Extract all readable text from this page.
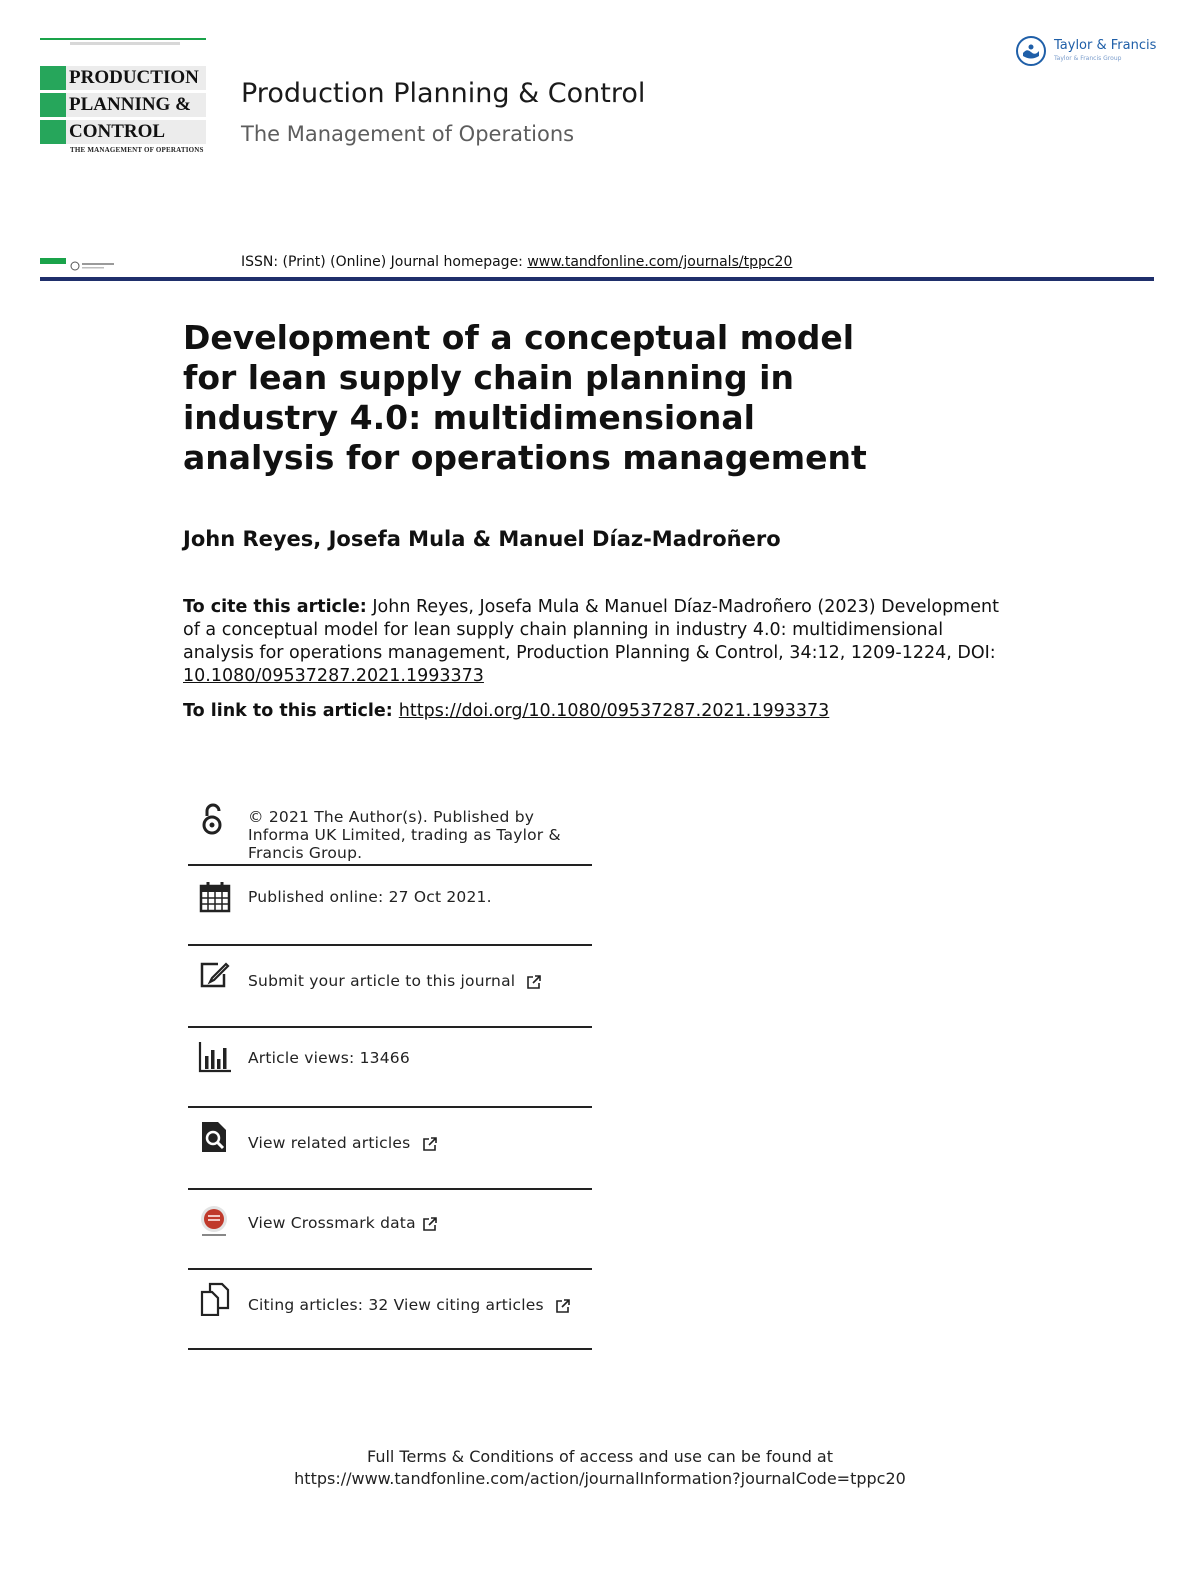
PRODUCTION
PLANNING &
CONTROL
THE MANAGEMENT OF OPERATIONS
Production Planning & Control
The Management of Operations
Taylor & Francis
Taylor & Francis Group
ISSN: (Print) (Online) Journal homepage: www.tandfonline.com/journals/tppc20
Development of a conceptual model for lean supply chain planning in industry 4.0: multidimensional analysis for operations management
John Reyes, Josefa Mula & Manuel Díaz-Madroñero
To cite this article: John Reyes, Josefa Mula & Manuel Díaz-Madroñero (2023) Development of a conceptual model for lean supply chain planning in industry 4.0: multidimensional analysis for operations management, Production Planning & Control, 34:12, 1209-1224, DOI: 10.1080/09537287.2021.1993373
To link to this article: https://doi.org/10.1080/09537287.2021.1993373
© 2021 The Author(s). Published by Informa UK Limited, trading as Taylor & Francis Group.
Published online: 27 Oct 2021.
Submit your article to this journal
Article views: 13466
View related articles
View Crossmark data
Citing articles: 32 View citing articles
Full Terms & Conditions of access and use can be found at
https://www.tandfonline.com/action/journalInformation?journalCode=tppc20
